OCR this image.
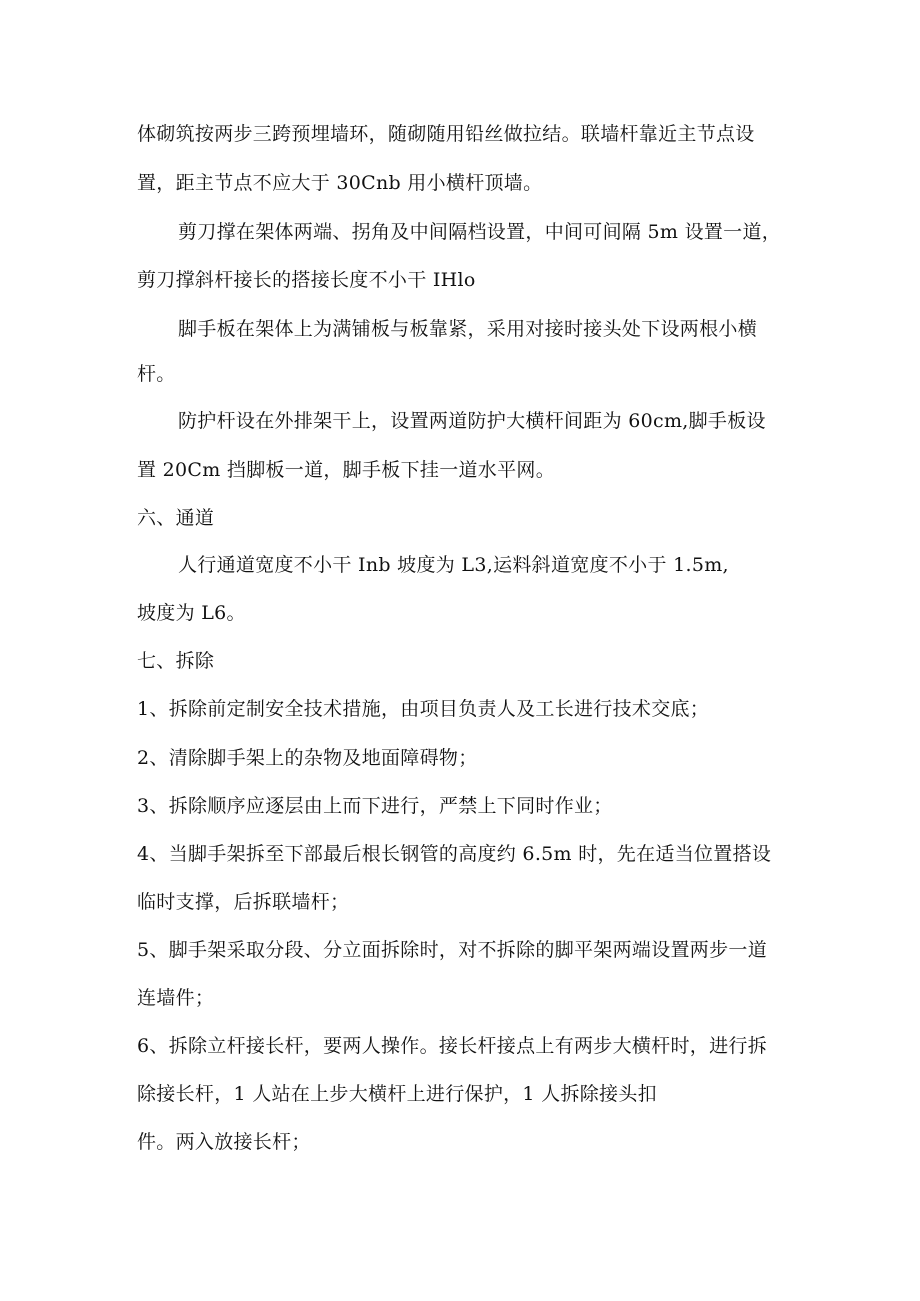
体砌筑按两步三跨预埋墙环，随砌随用铅丝做拉结。联墙杆靠近主节点设
置，距主节点不应大于 30Cnb 用小横杆顶墙。
剪刀撑在架体两端、拐角及中间隔档设置，中间可间隔 5m 设置一道，
剪刀撑斜杆接长的搭接长度不小干 IHlo
脚手板在架体上为满铺板与板靠紧，采用对接时接头处下设两根小横
杆。
防护杆设在外排架干上，设置两道防护大横杆间距为 60cm,脚手板设
置 20Cm 挡脚板一道，脚手板下挂一道水平网。
六、通道
人行通道宽度不小干 Inb 坡度为 L3,运料斜道宽度不小于 1.5m,
坡度为 L6。
七、拆除
1、拆除前定制安全技术措施，由项目负责人及工长进行技术交底；
2、清除脚手架上的杂物及地面障碍物；
3、拆除顺序应逐层由上而下进行，严禁上下同时作业；
4、当脚手架拆至下部最后根长钢管的高度约 6.5m 时，先在适当位置搭设
临时支撑，后拆联墙杆；
5、脚手架采取分段、分立面拆除时，对不拆除的脚平架两端设置两步一道
连墙件；
6、拆除立杆接长杆，要两人操作。接长杆接点上有两步大横杆时，进行拆
除接长杆，1 人站在上步大横杆上进行保护，1 人拆除接头扣
件。两入放接长杆；
